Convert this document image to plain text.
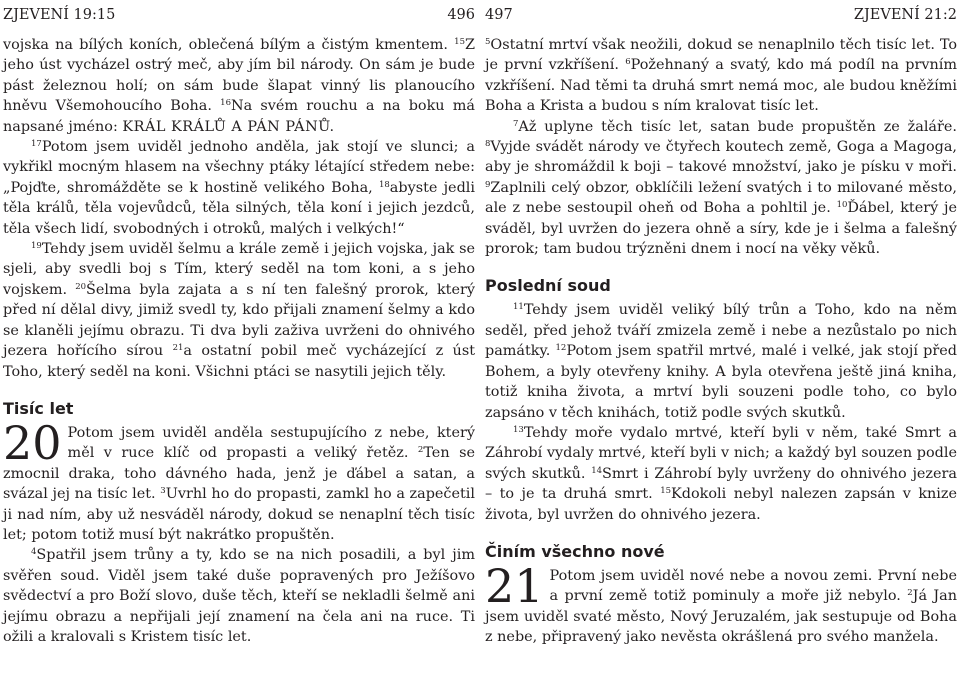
ZJEVENÍ 19:15	496

vojska na bílých koních, oblečená bílým a čistým kmentem. $^{15}$Z jeho úst vycházel ostrý meč, aby jím bil národy. On sám je bude pást železnou holí; on sám bude šlapat vinný lis planoucího hněvu Všemohoucího Boha. $^{16}$Na svém rouchu a na boku má napsané jméno: KRÁL KRÁLŮ A PÁN PÁNŮ.

$^{17}$Potom jsem uviděl jednoho anděla, jak stojí ve slunci; a vykřikl mocným hlasem na všechny ptáky létající středem nebe: „Pojďte, shromážděte se k hostině velikého Boha, $^{18}$abyste jedli těla králů, těla vojevůdců, těla silných, těla koní i jejich jezdců, těla všech lidí, svobodných i otroků, malých i velkých!“

$^{19}$Tehdy jsem uviděl šelmu a krále země i jejich vojska, jak se sjeli, aby svedli boj s Tím, který seděl na tom koni, a s jeho vojskem. $^{20}$Šelma byla zajata a s ní ten falešný prorok, který před ní dělal divy, jimiž svedl ty, kdo přijali znamení šelmy a kdo se klaněli jejímu obrazu. Ti dva byli zaživa uvrženi do ohnivého jezera hořícího sírou $^{21}$a ostatní pobil meč vycházející z úst Toho, který seděl na koni. Všichni ptáci se nasytili jejich těly.

Tisíc let

20 Potom jsem uviděl anděla sestupujícího z nebe, který měl v ruce klíč od propasti a veliký řetěz. $^2$Ten se zmocnil draka, toho dávného hada, jenž je ďábel a satan, a svázal jej na tisíc let. $^3$Uvrhl ho do propasti, zamkl ho a zapečetil ji nad ním, aby už nesváděl národy, dokud se nenaplní těch tisíc let; potom totiž musí být nakrátko propuštěn.

$^4$Spatřil jsem trůny a ty, kdo se na nich posadili, a byl jim svěřen soud. Viděl jsem také duše popravených pro Ježíšovo svědectví a pro Boží slovo, duše těch, kteří se nekladli šelmě ani jejímu obrazu a nepřijali její znamení na čela ani na ruce. Ti ožili a kralovali s Kristem tisíc let.

497	ZJEVENÍ 21:2

$^5$Ostatní mrtví však neožili, dokud se nenaplnilo těch tisíc let. To je první vzkříšení. $^6$Požehnaný a svatý, kdo má podíl na prvním vzkříšení. Nad těmi ta druhá smrt nemá moc, ale budou kněžími Boha a Krista a budou s ním kralovat tisíc let.

$^7$Až uplyne těch tisíc let, satan bude propuštěn ze žaláře. $^8$Vyjde svádět národy ve čtyřech koutech země, Goga a Magoga, aby je shromáždil k boji – takové množství, jako je písku v moři. $^9$Zaplnili celý obzor, obklíčili ležení svatých i to milované město, ale z nebe sestoupil oheň od Boha a pohltil je. $^{10}$Ďábel, který je sváděl, byl uvržen do jezera ohně a síry, kde je i šelma a falešný prorok; tam budou trýzněni dnem i nocí na věky věků.

Poslední soud

$^{11}$Tehdy jsem uviděl veliký bílý trůn a Toho, kdo na něm seděl, před jehož tváří zmizela země i nebe a nezůstalo po nich památky. $^{12}$Potom jsem spatřil mrtvé, malé i velké, jak stojí před Bohem, a byly otevřeny knihy. A byla otevřena ještě jiná kniha, totiž kniha života, a mrtví byli souzeni podle toho, co bylo zapsáno v těch knihách, totiž podle svých skutků.

$^{13}$Tehdy moře vydalo mrtvé, kteří byli v něm, také Smrt a Záhrobí vydaly mrtvé, kteří byli v nich; a každý byl souzen podle svých skutků. $^{14}$Smrt i Záhrobí byly uvrženy do ohnivého jezera – to je ta druhá smrt. $^{15}$Kdokoli nebyl nalezen zapsán v knize života, byl uvržen do ohnivého jezera.

Činím všechno nové

21 Potom jsem uviděl nové nebe a novou zemi. První nebe a první země totiž pominuly a moře již nebylo. $^2$Já Jan jsem uviděl svaté město, Nový Jeruzalém, jak sestupuje od Boha z nebe, připravený jako nevěsta okrášlená pro svého manžela.
